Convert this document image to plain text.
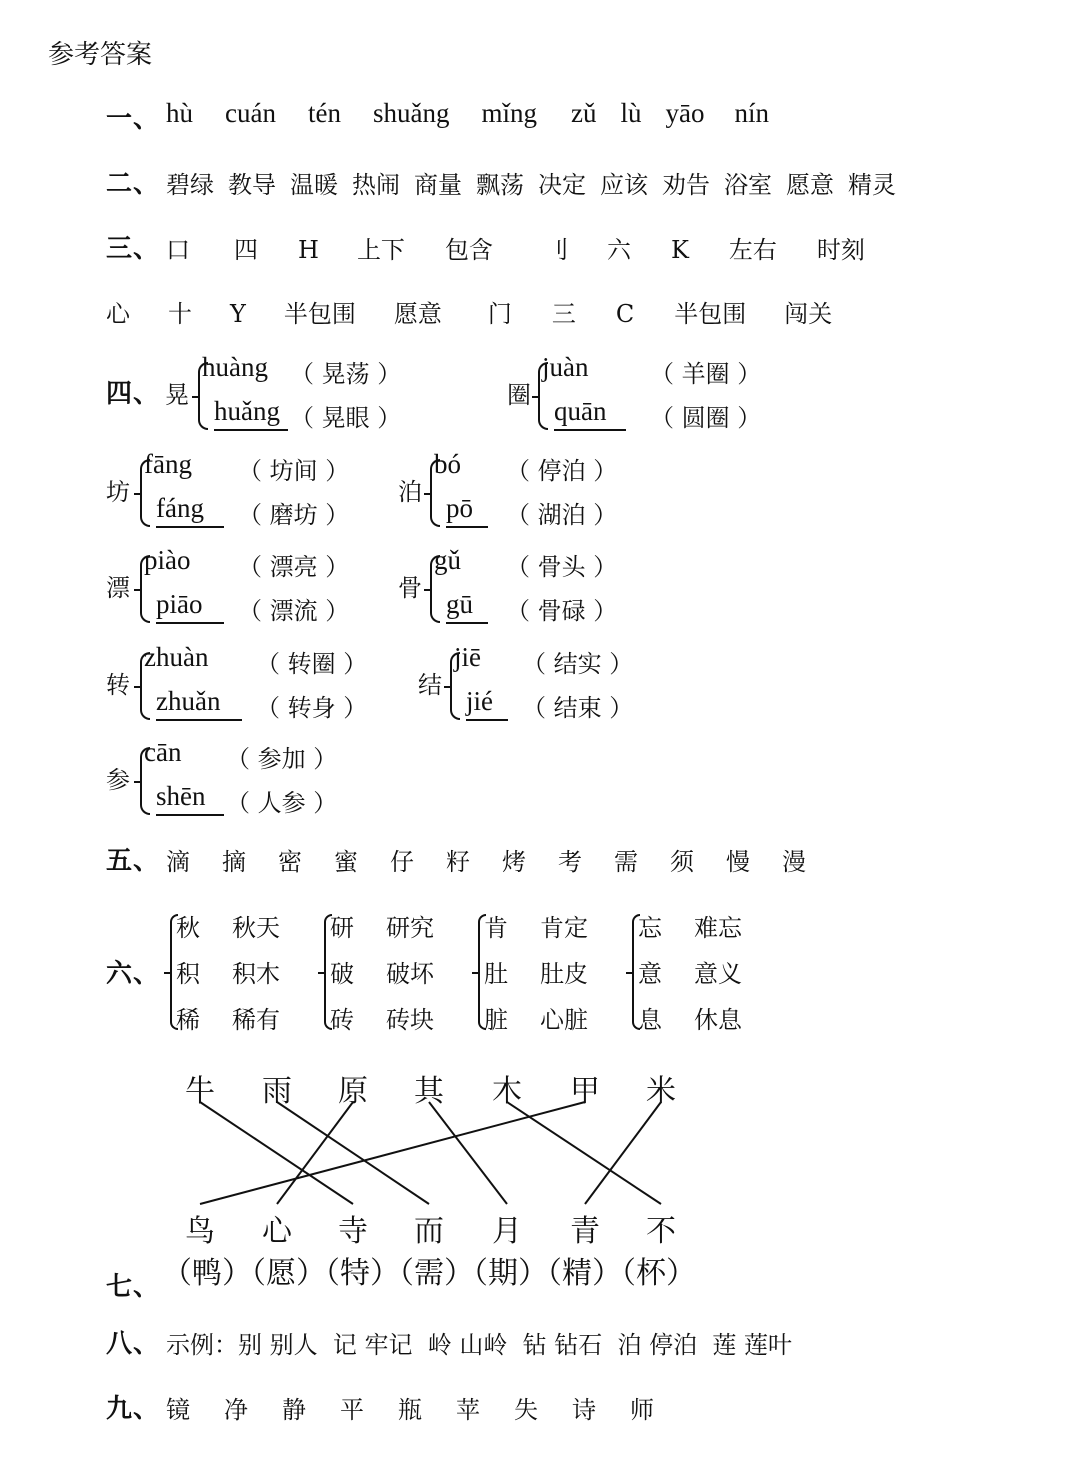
参考答案
一、 hù cuán tén shuǎng mǐng zǔ lù yāo nín
二、 碧绿 教导 温暖 热闹 商量 飘荡 决定 应该 劝告 浴室 愿意 精灵
三、 口 四 H 上下 包含 刂 六 K 左右 时刻
心 十 Y 半包围 愿意 门 三 C 半包围 闯关
四、 晃
huàng
huǎng
（ 晃荡 ）
（ 晃眼 ）
圈
juàn
quān
（ 羊圈 ）
（ 圆圈 ）
坊
fāng
fáng
（ 坊间 ）
（ 磨坊 ）
泊
bó
pō
（ 停泊 ）
（ 湖泊 ）
漂
piào
piāo
（ 漂亮 ）
（ 漂流 ）
骨
gǔ
gū
（ 骨头 ）
（ 骨碌 ）
转
zhuàn
zhuǎn
（ 转圈 ）
（ 转身 ）
结
jiē
jié
（ 结实 ）
（ 结束 ）
参
cān
shēn
（ 参加 ）
（ 人参 ）
五、 滴 摘 密 蜜 仔 籽 烤 考 需 须 慢 漫
六、
秋 秋天
积 积木
稀 稀有
研 研究
破 破坏
砖 砖块
肯 肯定
肚 肚皮
脏 心脏
忘 难忘
意 意义
息 休息
牛 雨 原 其 木 甲 米
鸟 心 寺 而 月 青 不
（鸭）
（愿）
（特）
（需）
（期）
（精）
（杯）
七、
八、 示例：别 别人  记 牢记  岭 山岭  钻 钻石  泊 停泊  莲 莲叶
九、 镜 净 静 平 瓶 苹 失 诗 师
